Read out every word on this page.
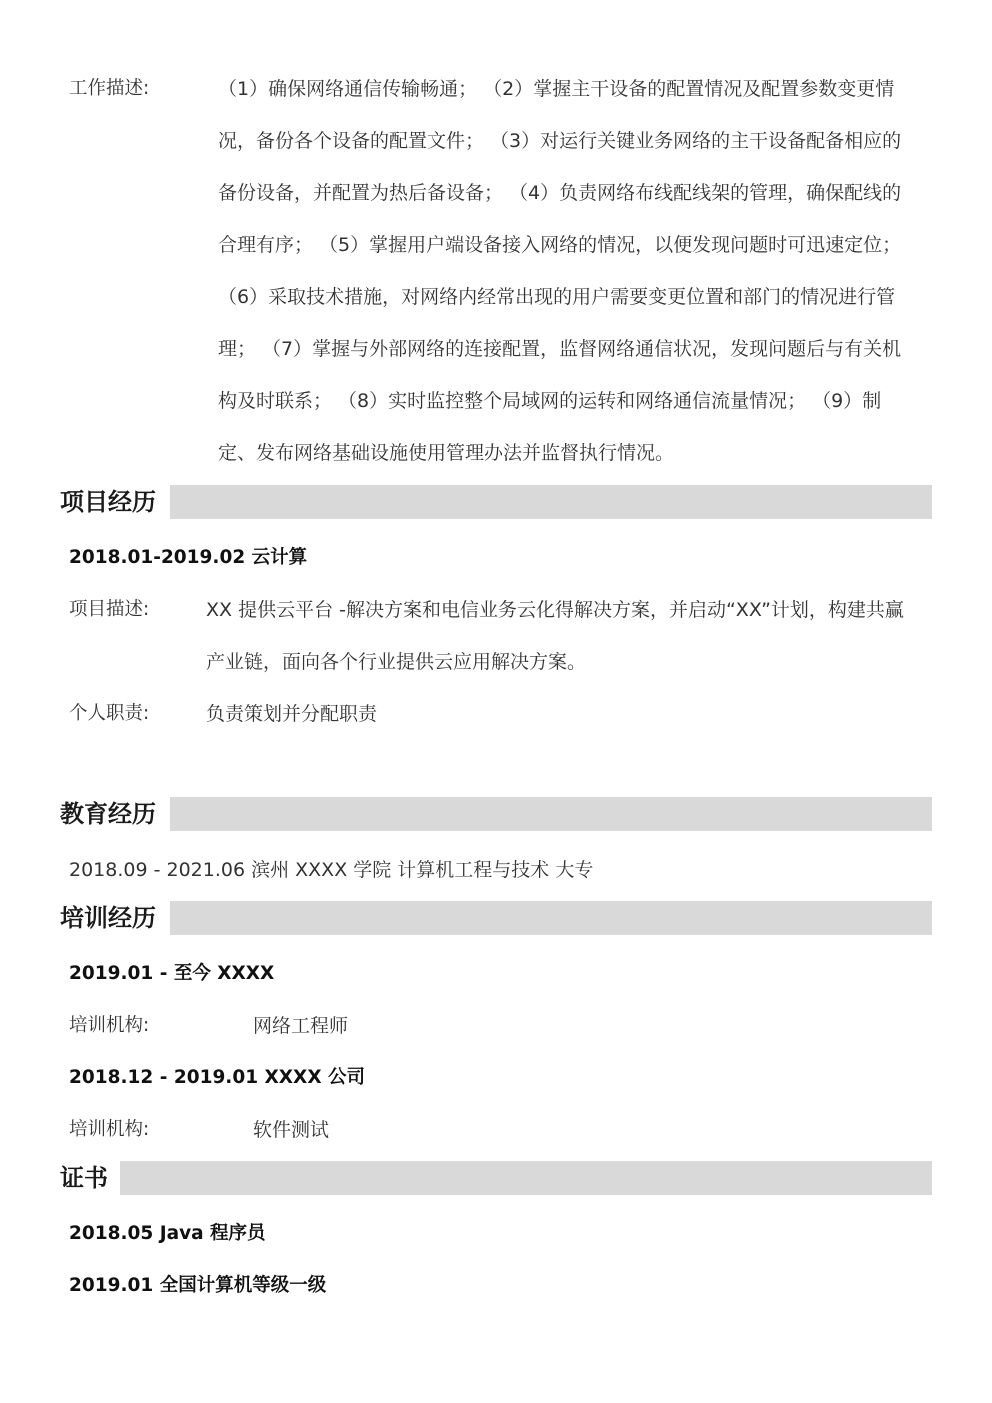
工作描述:	（1）确保网络通信传输畅通； （2）掌握主干设备的配置情况及配置参数变更情
况，备份各个设备的配置文件； （3）对运行关键业务网络的主干设备配备相应的
备份设备，并配置为热后备设备； （4）负责网络布线配线架的管理，确保配线的
合理有序； （5）掌握用户端设备接入网络的情况，以便发现问题时可迅速定位；
（6）采取技术措施，对网络内经常出现的用户需要变更位置和部门的情况进行管
理； （7）掌握与外部网络的连接配置，监督网络通信状况，发现问题后与有关机
构及时联系； （8）实时监控整个局域网的运转和网络通信流量情况； （9）制
定、发布网络基础设施使用管理办法并监督执行情况。
项目经历
2018.01-2019.02 云计算
项目描述:	XX 提供云平台 -解决方案和电信业务云化得解决方案，并启动“XX”计划，构建共赢
产业链，面向各个行业提供云应用解决方案。
个人职责:	负责策划并分配职责
教育经历
2018.09 - 2021.06 滨州 XXXX 学院 计算机工程与技术 大专
培训经历
2019.01 - 至今 XXXX
培训机构:	网络工程师
2018.12 - 2019.01 XXXX 公司
培训机构:	软件测试
证书
2018.05 Java 程序员
2019.01 全国计算机等级一级
